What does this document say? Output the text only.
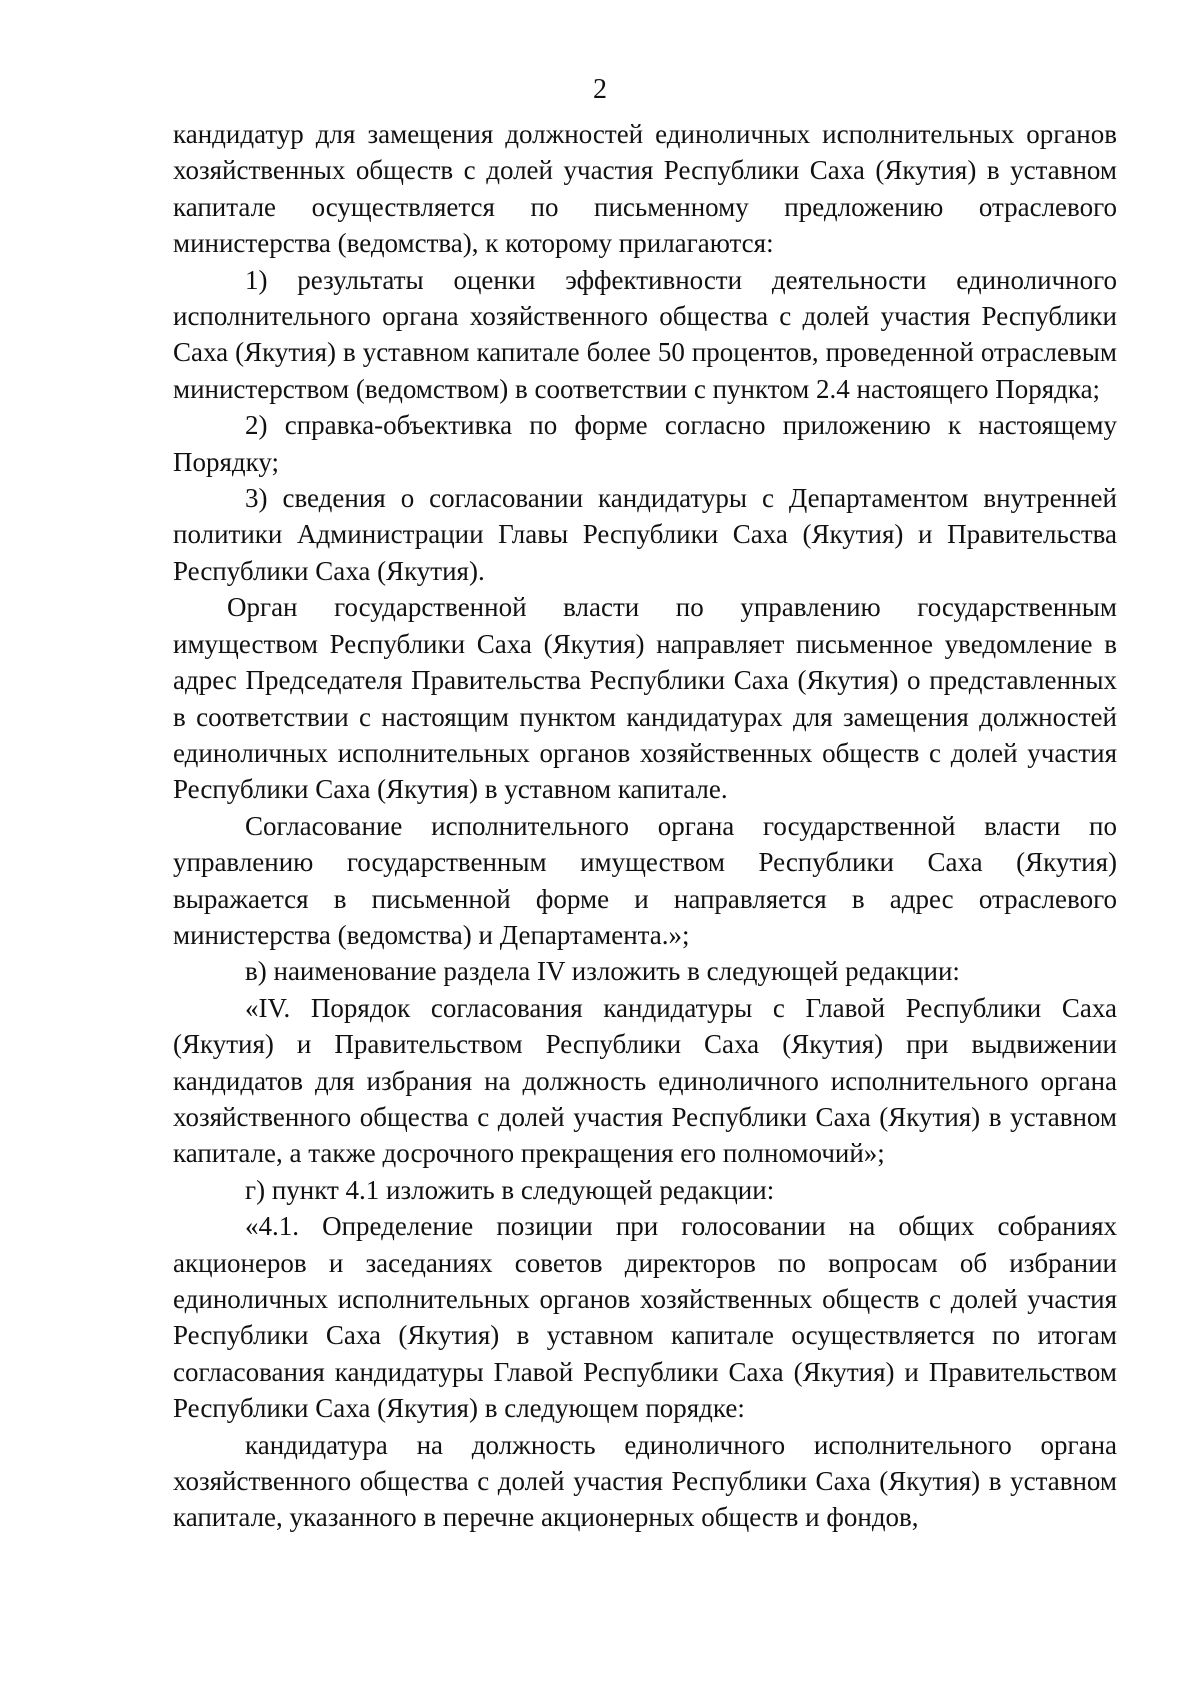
2

кандидатур для замещения должностей единоличных исполнительных органов хозяйственных обществ с долей участия Республики Саха (Якутия) в уставном капитале осуществляется по письменному предложению отраслевого министерства (ведомства), к которому прилагаются:

1) результаты оценки эффективности деятельности единоличного исполнительного органа хозяйственного общества с долей участия Республики Саха (Якутия) в уставном капитале более 50 процентов, проведенной отраслевым министерством (ведомством) в соответствии с пунктом 2.4 настоящего Порядка;

2) справка-объективка по форме согласно приложению к настоящему Порядку;

3) сведения о согласовании кандидатуры с Департаментом внутренней политики Администрации Главы Республики Саха (Якутия) и Правительства Республики Саха (Якутия).

Орган государственной власти по управлению государственным имуществом Республики Саха (Якутия) направляет письменное уведомление в адрес Председателя Правительства Республики Саха (Якутия) о представленных в соответствии с настоящим пунктом кандидатурах для замещения должностей единоличных исполнительных органов хозяйственных обществ с долей участия Республики Саха (Якутия) в уставном капитале.

Согласование исполнительного органа государственной власти по управлению государственным имуществом Республики Саха (Якутия) выражается в письменной форме и направляется в адрес отраслевого министерства (ведомства) и Департамента.»;

в) наименование раздела IV изложить в следующей редакции:

«IV. Порядок согласования кандидатуры с Главой Республики Саха (Якутия) и Правительством Республики Саха (Якутия) при выдвижении кандидатов для избрания на должность единоличного исполнительного органа хозяйственного общества с долей участия Республики Саха (Якутия) в уставном капитале, а также досрочного прекращения его полномочий»;

г) пункт 4.1 изложить в следующей редакции:

«4.1. Определение позиции при голосовании на общих собраниях акционеров и заседаниях советов директоров по вопросам об избрании единоличных исполнительных органов хозяйственных обществ с долей участия Республики Саха (Якутия) в уставном капитале осуществляется по итогам согласования кандидатуры Главой Республики Саха (Якутия) и Правительством Республики Саха (Якутия) в следующем порядке:

кандидатура на должность единоличного исполнительного органа хозяйственного общества с долей участия Республики Саха (Якутия) в уставном капитале, указанного в перечне акционерных обществ и фондов,
